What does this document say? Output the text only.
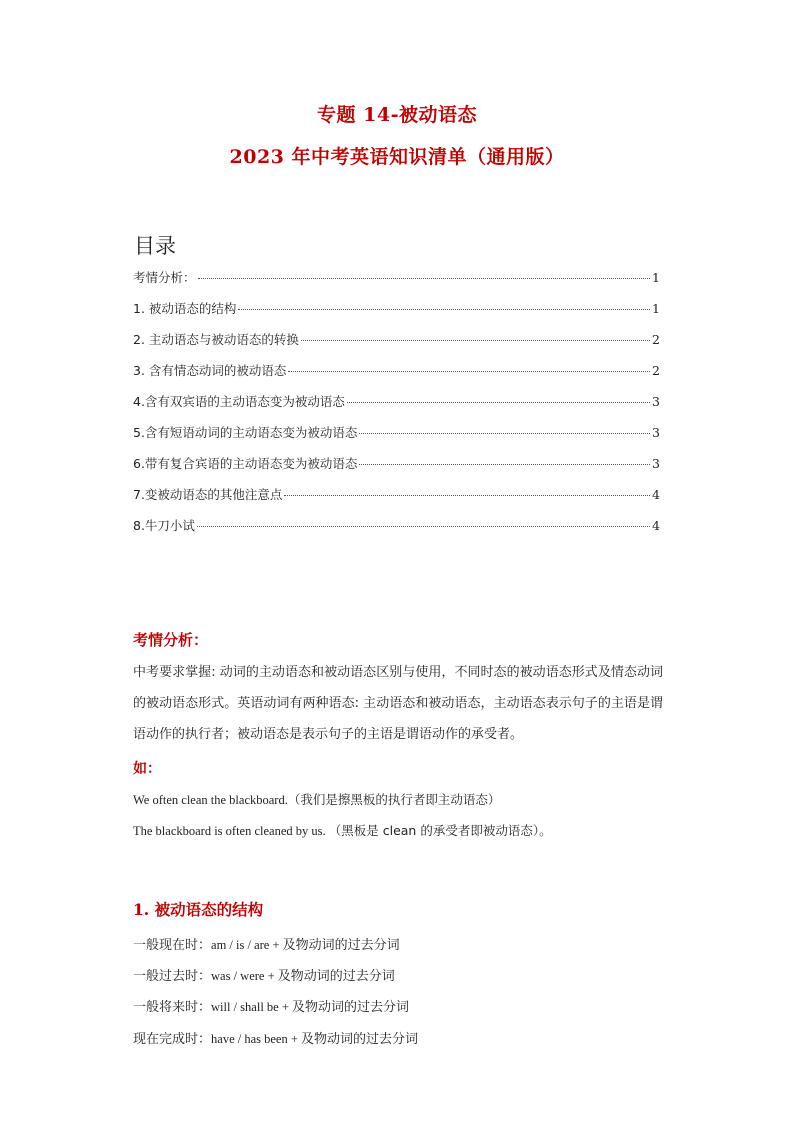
专题 14-被动语态
2023 年中考英语知识清单（通用版）
目录
考情分析：	1
1. 被动语态的结构	1
2. 主动语态与被动语态的转换	2
3. 含有情态动词的被动语态	2
4.含有双宾语的主动语态变为被动语态	3
5.含有短语动词的主动语态变为被动语态	3
6.带有复合宾语的主动语态变为被动语态	3
7.变被动语态的其他注意点	4
8.牛刀小试	4
考情分析：
中考要求掌握: 动词的主动语态和被动语态区别与使用，不同时态的被动语态形式及情态动词的被动语态形式。英语动词有两种语态: 主动语态和被动语态，主动语态表示句子的主语是谓语动作的执行者；被动语态是表示句子的主语是谓语动作的承受者。
如：
We often clean the blackboard.（我们是擦黑板的执行者即主动语态）
The blackboard is often cleaned by us. （黑板是 clean 的承受者即被动语态）。
1. 被动语态的结构
一般现在时：am / is / are + 及物动词的过去分词
一般过去时：was / were + 及物动词的过去分词
一般将来时：will / shall be + 及物动词的过去分词
现在完成时：have / has been + 及物动词的过去分词
